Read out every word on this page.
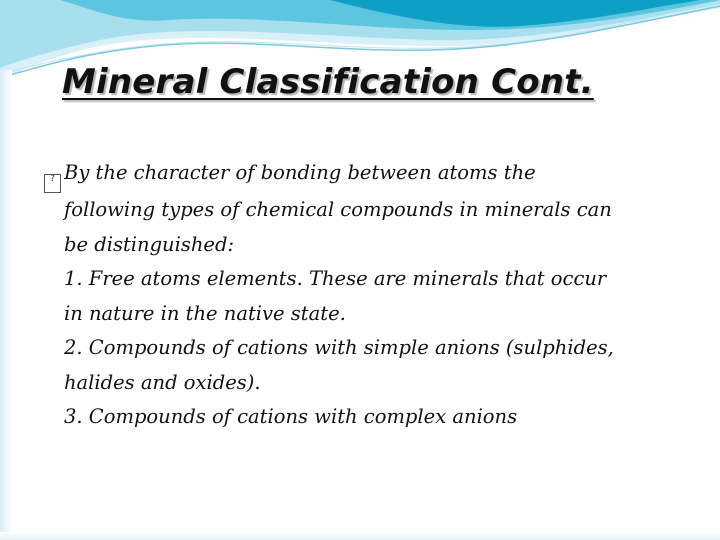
Mineral Classification Cont.
? By the character of bonding between atoms the
following types of chemical compounds in minerals can
be distinguished:
1. Free atoms elements. These are minerals that occur
in nature in the native state.
2. Compounds of cations with simple anions (sulphides,
halides and oxides).
3. Compounds of cations with complex anions
